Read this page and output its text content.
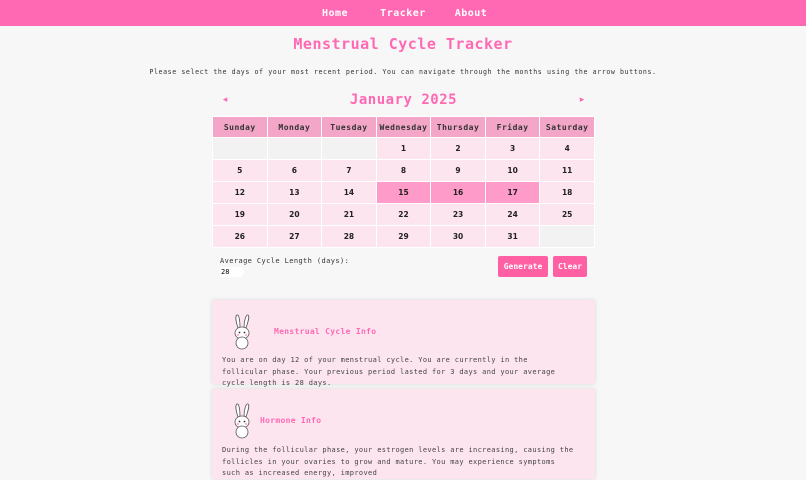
Home	Tracker	About
Menstrual Cycle Tracker

Please select the days of your most recent period. You can navigate through the months using the arrow buttons.

◂	January 2025	▸
Sunday	Monday	Tuesday	Wednesday	Thursday	Friday	Saturday
			1	2	3	4
5	6	7	8	9	10	11
12	13	14	15	16	17	18
19	20	21	22	23	24	25
26	27	28	29	30	31	
Average Cycle Length (days):
28
Generate	Clear
Menstrual Cycle Info
You are on day 12 of your menstrual cycle. You are currently in the follicular phase. Your previous period lasted for 3 days and your average cycle length is 28 days.
Hormone Info
During the follicular phase, your estrogen levels are increasing, causing the follicles in your ovaries to grow and mature. You may experience symptoms such as increased energy, improved
